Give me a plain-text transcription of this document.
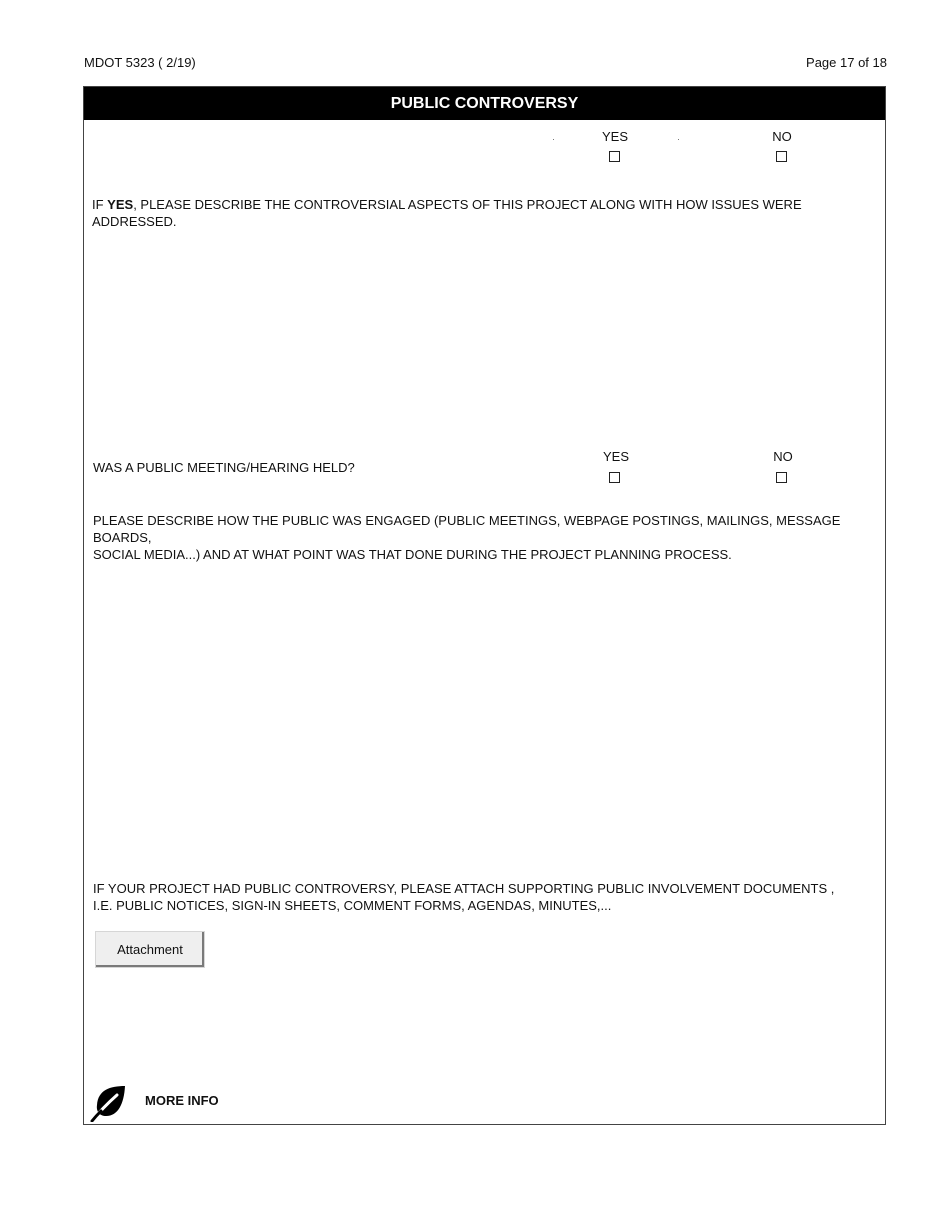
MDOT 5323 ( 2/19)	Page 17 of 18
PUBLIC CONTROVERSY
YES	NO
IF YES, PLEASE DESCRIBE THE CONTROVERSIAL ASPECTS OF THIS PROJECT ALONG WITH HOW ISSUES WERE ADDRESSED.
WAS A PUBLIC MEETING/HEARING HELD?
YES	NO
PLEASE DESCRIBE HOW THE PUBLIC WAS ENGAGED (PUBLIC MEETINGS, WEBPAGE POSTINGS, MAILINGS, MESSAGE BOARDS,
SOCIAL MEDIA...) AND AT WHAT POINT WAS THAT DONE DURING THE PROJECT PLANNING PROCESS.
IF YOUR PROJECT HAD PUBLIC CONTROVERSY, PLEASE ATTACH SUPPORTING PUBLIC INVOLVEMENT DOCUMENTS ,
I.E. PUBLIC NOTICES, SIGN-IN SHEETS, COMMENT FORMS, AGENDAS, MINUTES,...
Attachment
MORE INFO
